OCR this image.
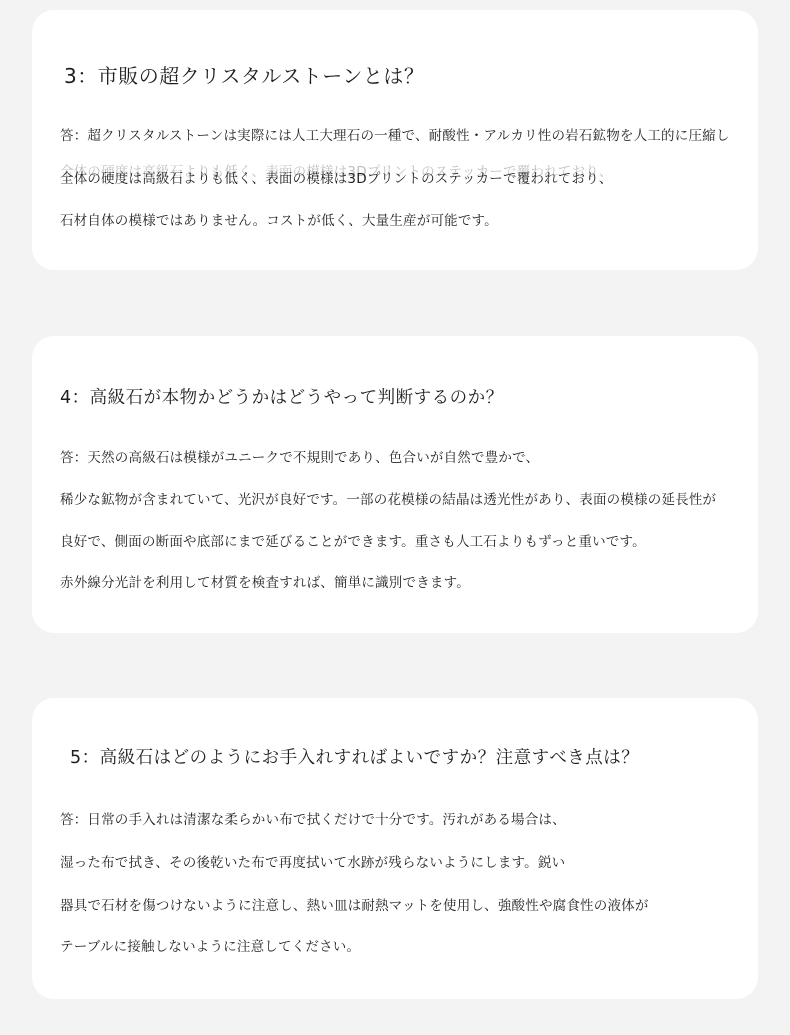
3：市販の超クリスタルストーンとは？

答：超クリスタルストーンは実際には人工大理石の一種で、耐酸性・アルカリ性の岩石鉱物を人工的に圧縮し

全体の硬度は高級石よりも低く、表面の模様は3Dプリントのステッカーで覆われており、

石材自体の模様ではありません。コストが低く、大量生産が可能です。

4：高級石が本物かどうかはどうやって判断するのか？

答：天然の高級石は模様がユニークで不規則であり、色合いが自然で豊かで、

稀少な鉱物が含まれていて、光沢が良好です。一部の花模様の結晶は透光性があり、表面の模様の延長性が

良好で、側面の断面や底部にまで延びることができます。重さも人工石よりもずっと重いです。

赤外線分光計を利用して材質を検査すれば、簡単に識別できます。

5：高級石はどのようにお手入れすればよいですか？注意すべき点は？

答：日常の手入れは清潔な柔らかい布で拭くだけで十分です。汚れがある場合は、

湿った布で拭き、その後乾いた布で再度拭いて水跡が残らないようにします。鋭い

器具で石材を傷つけないように注意し、熱い皿は耐熱マットを使用し、強酸性や腐食性の液体が

テーブルに接触しないように注意してください。
